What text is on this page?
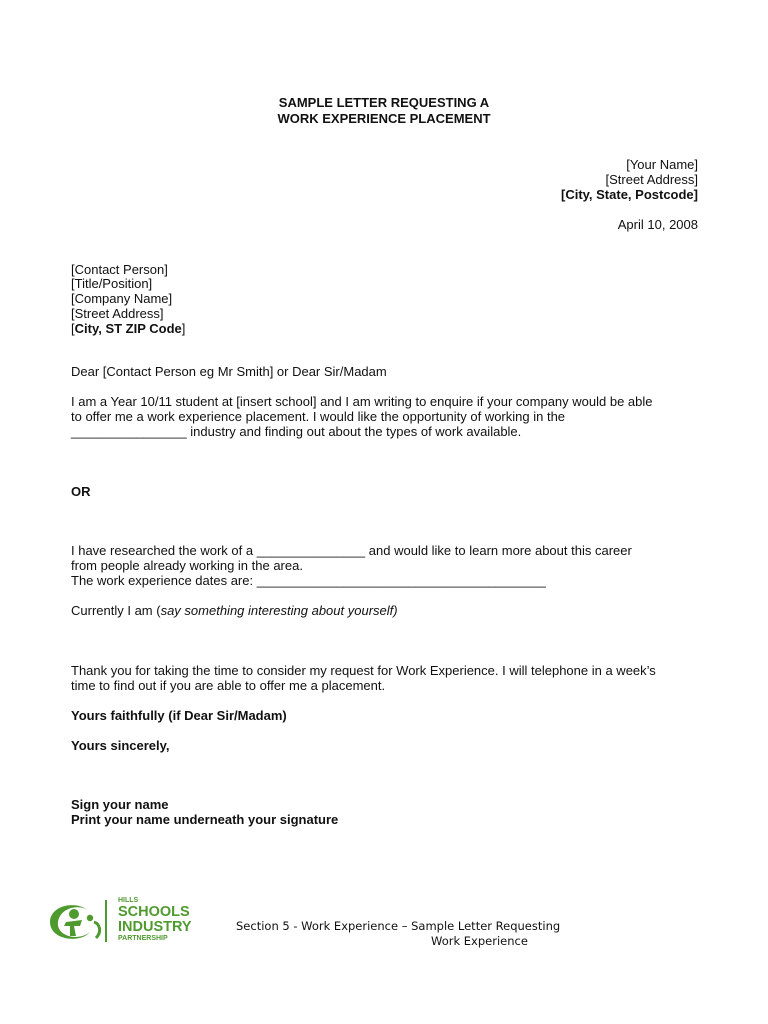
SAMPLE LETTER REQUESTING A
WORK EXPERIENCE PLACEMENT
[Your Name]
[Street Address]
[City, State, Postcode]
April 10, 2008
[Contact Person]
[Title/Position]
[Company Name]
[Street Address]
[City, ST ZIP Code]
Dear [Contact Person eg Mr Smith] or Dear Sir/Madam
I am a Year 10/11 student at [insert school] and I am writing to enquire if your company would be able
to offer me a work experience placement. I would like the opportunity of working in the
________________ industry and finding out about the types of work available.
OR
I have researched the work of a _______________ and would like to learn more about this career
from people already working in the area.
The work experience dates are: ________________________________________
Currently I am (say something interesting about yourself)
Thank you for taking the time to consider my request for Work Experience. I will telephone in a week’s
time to find out if you are able to offer me a placement.
Yours faithfully (if Dear Sir/Madam)
Yours sincerely,
Sign your name
Print your name underneath your signature
HILLS
SCHOOLS
INDUSTRY
PARTNERSHIP
Section 5 - Work Experience – Sample Letter Requesting
Work Experience
